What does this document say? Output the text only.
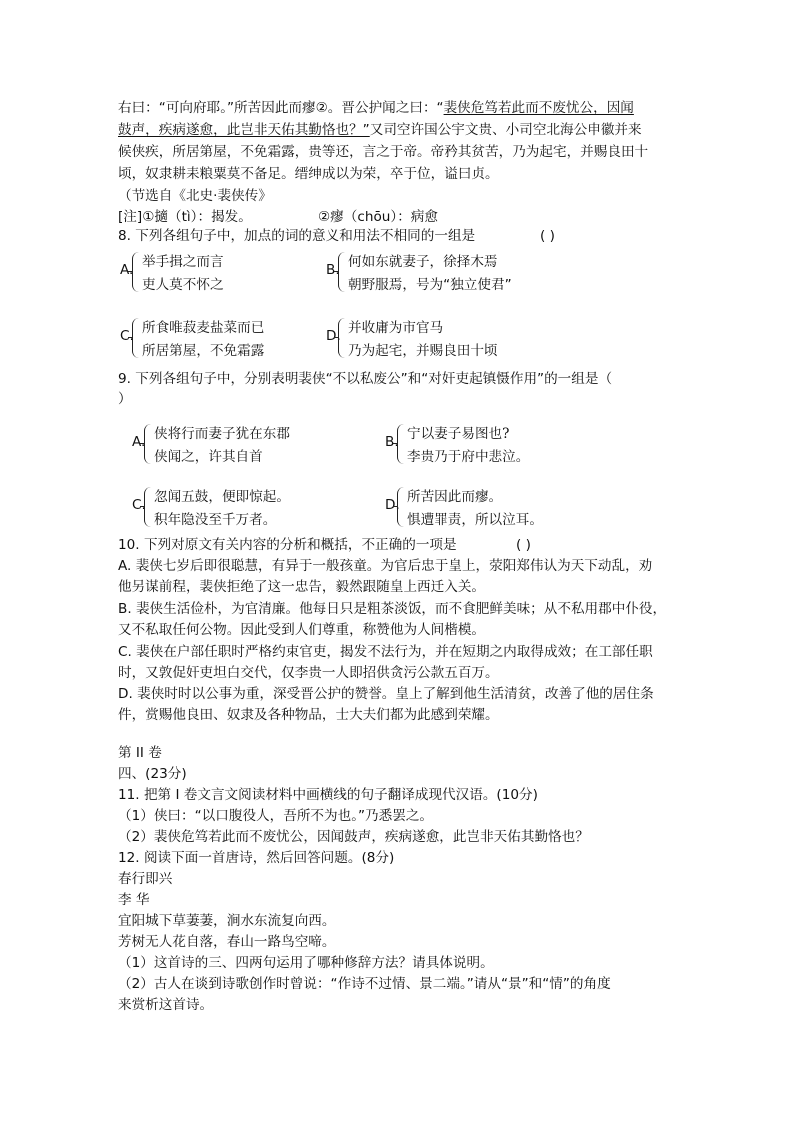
右曰：“可向府耶。”所苦因此而瘳②。晋公护闻之曰：“裴侠危笃若此而不废忧公，因闻
鼓声，疾病遂愈，此岂非天佑其勤恪也？”又司空许国公宇文贵、小司空北海公申徽并来
候侠疾，所居第屋，不免霜露，贵等还，言之于帝。帝矜其贫苦，乃为起宅，并赐良田十
顷，奴隶耕耒粮粟莫不备足。缙绅成以为荣，卒于位，谥曰贞。
（节选自《北史·裴侠传》
[注]①擿（tì）：揭发。	②瘳（chōu）：病愈
8. 下列各组句子中，加点的词的意义和用法不相同的一组是	( )
A. 举手揖之而言
吏人莫不怀之
B. 何如东就妻子，徐择木焉
朝野服焉，号为“独立使君”
C. 所食唯菽麦盐菜而已
所居第屋，不免霜露
D. 并收庸为市官马
乃为起宅，并赐良田十顷
9. 下列各组句子中，分别表明裴侠“不以私废公”和“对奸吏起镇慑作用”的一组是（
）
A. 侠将行而妻子犹在东郡
侠闻之，许其自首
B. 宁以妻子易图也?
李贵乃于府中悲泣。
C. 忽闻五鼓，便即惊起。
积年隐没至千万者。
D. 所苦因此而瘳。
惧遭罪责，所以泣耳。
10. 下列对原文有关内容的分析和概括，不正确的一项是	( )
A. 裴侠七岁后即很聪慧，有异于一般孩童。为官后忠于皇上，荥阳郑伟认为天下动乱，劝
他另谋前程，裴侠拒绝了这一忠告，毅然跟随皇上西迁入关。
B. 裴侠生活俭朴，为官清廉。他每日只是粗茶淡饭，而不食肥鲜美味；从不私用郡中仆役，
又不私取任何公物。因此受到人们尊重，称赞他为人间楷模。
C. 裴侠在户部任职时严格约束官吏，揭发不法行为，并在短期之内取得成效；在工部任职
时，又敦促奸吏坦白交代，仅李贵一人即招供贪污公款五百万。
D. 裴侠时时以公事为重，深受晋公护的赞誉。皇上了解到他生活清贫，改善了他的居住条
件，赏赐他良田、奴隶及各种物品，士大夫们都为此感到荣耀。
第 II 卷
四、(23分)
11. 把第 I 卷文言文阅读材料中画横线的句子翻译成现代汉语。(10分)
（1）侠曰：“以口腹役人，吾所不为也。”乃悉罢之。
（2）裴侠危笃若此而不废忧公，因闻鼓声，疾病遂愈，此岂非天佑其勤恪也？
12. 阅读下面一首唐诗，然后回答问题。(8分)
春行即兴
李 华
宜阳城下草萋萋，涧水东流复向西。
芳树无人花自落，春山一路鸟空啼。
（1）这首诗的三、四两句运用了哪种修辞方法？请具体说明。
（2）古人在谈到诗歌创作时曾说：“作诗不过情、景二端。”请从“景”和“情”的角度
来赏析这首诗。
